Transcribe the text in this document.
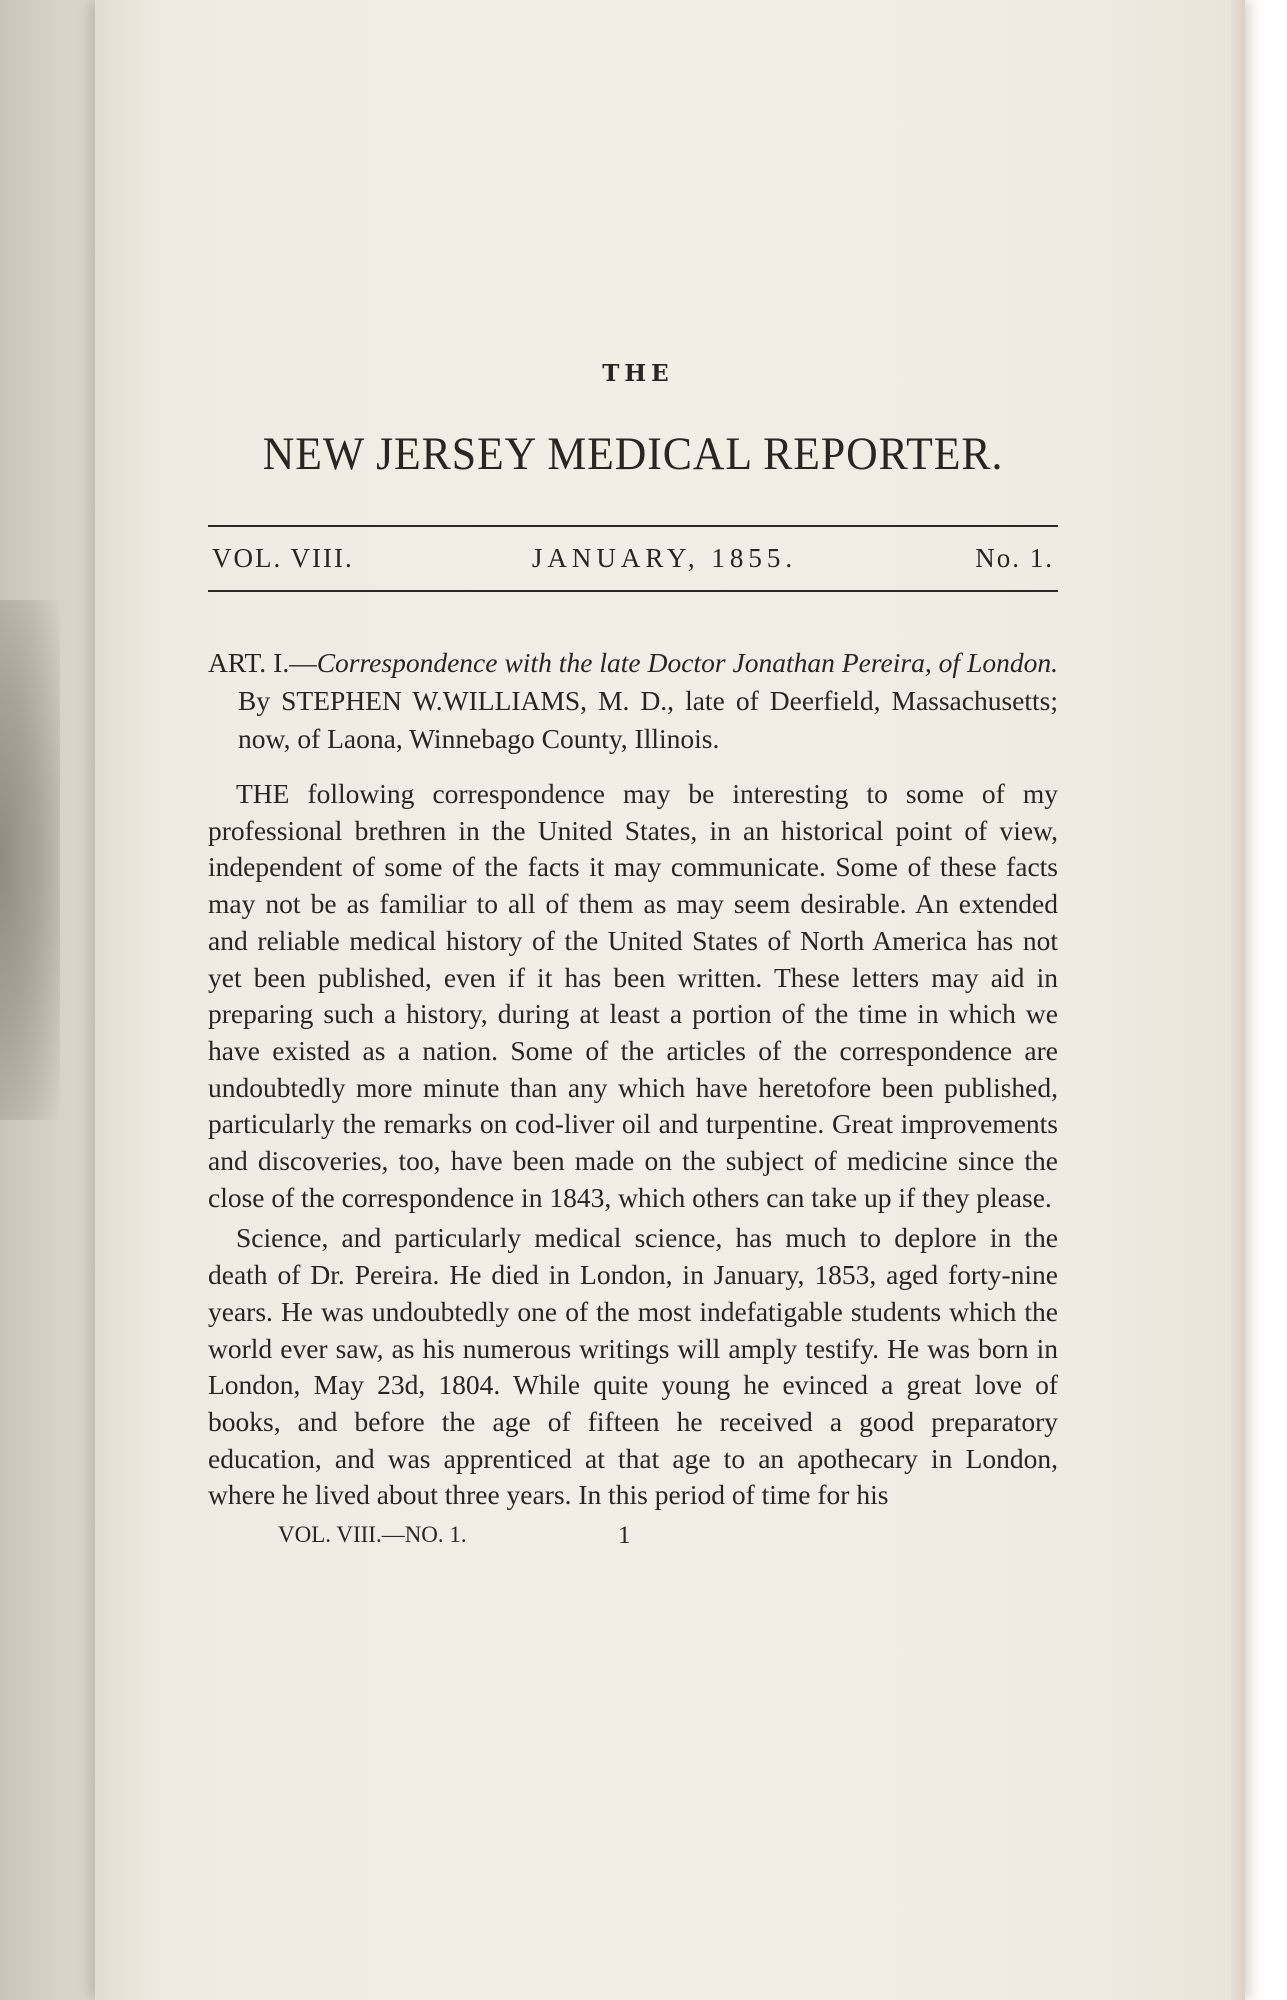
THE
NEW JERSEY MEDICAL REPORTER.
VOL. VIII.	JANUARY, 1855.	No. 1.
ART. I.—Correspondence with the late Doctor Jonathan Pereira, of London. By STEPHEN W.WILLIAMS, M. D., late of Deerfield, Massachusetts; now, of Laona, Winnebago County, Illinois.

THE following correspondence may be interesting to some of my professional brethren in the United States, in an historical point of view, independent of some of the facts it may communicate. Some of these facts may not be as familiar to all of them as may seem desirable. An extended and reliable medical history of the United States of North America has not yet been published, even if it has been written. These letters may aid in preparing such a history, during at least a portion of the time in which we have existed as a nation. Some of the articles of the correspondence are undoubtedly more minute than any which have heretofore been published, particularly the remarks on cod-liver oil and turpentine. Great improvements and discoveries, too, have been made on the subject of medicine since the close of the correspondence in 1843, which others can take up if they please.

Science, and particularly medical science, has much to deplore in the death of Dr. Pereira. He died in London, in January, 1853, aged forty-nine years. He was undoubtedly one of the most indefatigable students which the world ever saw, as his numerous writings will amply testify. He was born in London, May 23d, 1804. While quite young he evinced a great love of books, and before the age of fifteen he received a good preparatory education, and was apprenticed at that age to an apothecary in London, where he lived about three years. In this period of time for his

VOL. VIII.—NO. 1.	1
